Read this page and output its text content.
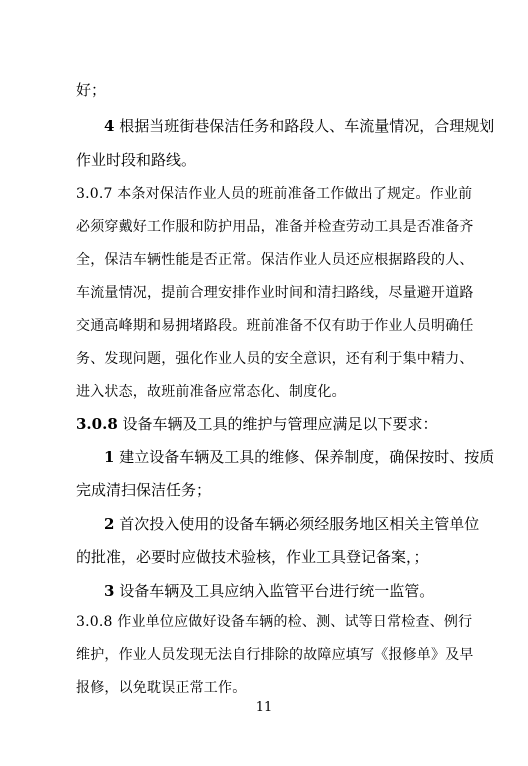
好；
4 根据当班街巷保洁任务和路段人、车流量情况，合理规划
作业时段和路线。
3.0.7 本条对保洁作业人员的班前准备工作做出了规定。作业前
必须穿戴好工作服和防护用品，准备并检查劳动工具是否准备齐
全，保洁车辆性能是否正常。保洁作业人员还应根据路段的人、
车流量情况，提前合理安排作业时间和清扫路线，尽量避开道路
交通高峰期和易拥堵路段。班前准备不仅有助于作业人员明确任
务、发现问题，强化作业人员的安全意识，还有利于集中精力、
进入状态，故班前准备应常态化、制度化。
3.0.8 设备车辆及工具的维护与管理应满足以下要求：
1 建立设备车辆及工具的维修、保养制度，确保按时、按质
完成清扫保洁任务；
2 首次投入使用的设备车辆必须经服务地区相关主管单位
的批准，必要时应做技术验核，作业工具登记备案，；
3 设备车辆及工具应纳入监管平台进行统一监管。
3.0.8 作业单位应做好设备车辆的检、测、试等日常检查、例行
维护，作业人员发现无法自行排除的故障应填写《报修单》及早
报修，以免耽误正常工作。
11
